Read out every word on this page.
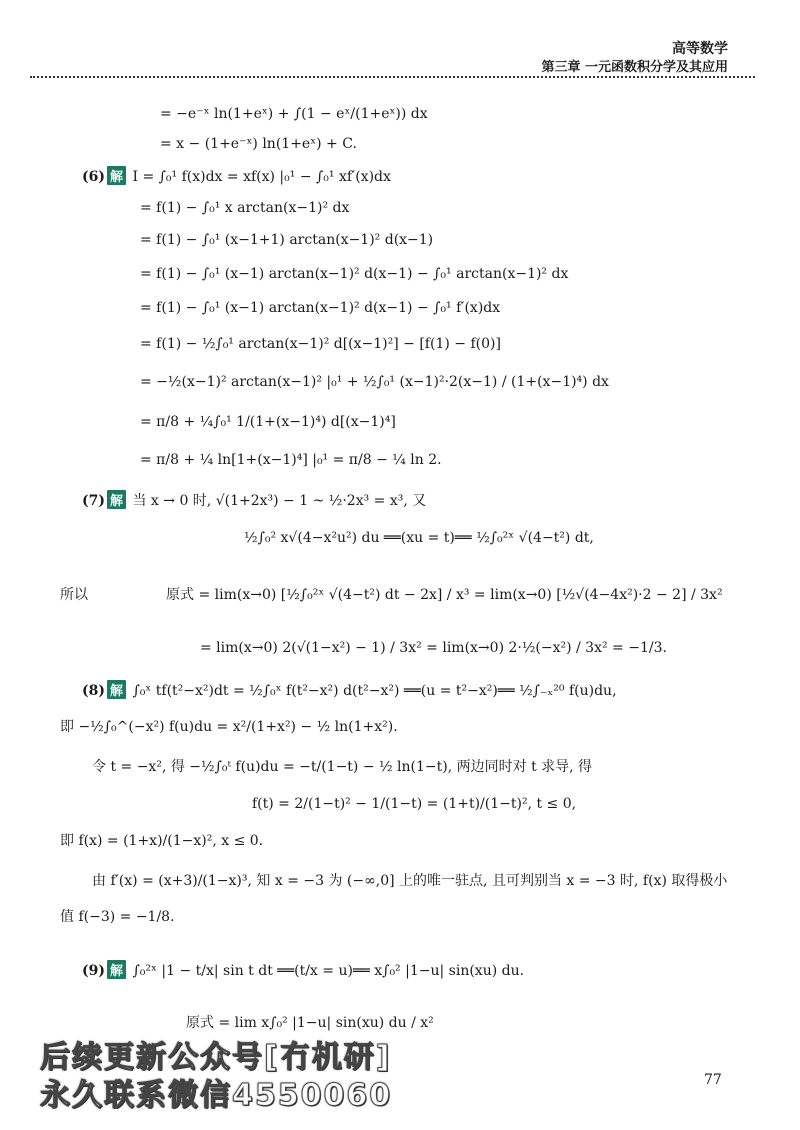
高等数学
第三章 一元函数积分学及其应用
= −e⁻ˣ ln(1+eˣ) + ∫(1 − eˣ/(1+eˣ)) dx
= x − (1+e⁻ˣ) ln(1+eˣ) + C.
(6) 解 I = ∫₀¹ f(x)dx = xf(x) |₀¹ − ∫₀¹ xf′(x)dx
= f(1) − ∫₀¹ x arctan(x−1)² dx
= f(1) − ∫₀¹ (x−1+1) arctan(x−1)² d(x−1)
= f(1) − ∫₀¹ (x−1) arctan(x−1)² d(x−1) − ∫₀¹ arctan(x−1)² dx
= f(1) − ∫₀¹ (x−1) arctan(x−1)² d(x−1) − ∫₀¹ f′(x)dx
= f(1) − ½∫₀¹ arctan(x−1)² d[(x−1)²] − [f(1) − f(0)]
= −½(x−1)² arctan(x−1)² |₀¹ + ½∫₀¹ (x−1)²·2(x−1) / (1+(x−1)⁴) dx
= π/8 + ¼∫₀¹ 1/(1+(x−1)⁴) d[(x−1)⁴]
= π/8 + ¼ ln[1+(x−1)⁴] |₀¹ = π/8 − ¼ ln 2.
(7) 解 当 x → 0 时, √(1+2x³) − 1 ~ ½·2x³ = x³, 又
½∫₀² x√(4−x²u²) du ══(xu = t)══ ½∫₀²ˣ √(4−t²) dt,
所以	原式 = lim(x→0) [½∫₀²ˣ √(4−t²) dt − 2x] / x³ = lim(x→0) [½√(4−4x²)·2 − 2] / 3x²
= lim(x→0) 2(√(1−x²) − 1) / 3x² = lim(x→0) 2·½(−x²) / 3x² = −1/3.
(8) 解 ∫₀ˣ tf(t²−x²)dt = ½∫₀ˣ f(t²−x²) d(t²−x²) ══(u = t²−x²)══ ½∫₋ₓ²⁰ f(u)du,
即 −½∫₀^(−x²) f(u)du = x²/(1+x²) − ½ ln(1+x²).
令 t = −x², 得 −½∫₀ᵗ f(u)du = −t/(1−t) − ½ ln(1−t), 两边同时对 t 求导, 得
f(t) = 2/(1−t)² − 1/(1−t) = (1+t)/(1−t)², t ≤ 0,
即 f(x) = (1+x)/(1−x)², x ≤ 0.
由 f′(x) = (x+3)/(1−x)³, 知 x = −3 为 (−∞,0] 上的唯一驻点, 且可判别当 x = −3 时, f(x) 取得极小
值 f(−3) = −1/8.
(9) 解 ∫₀²ˣ |1 − t/x| sin t dt ══(t/x = u)══ x∫₀² |1−u| sin(xu) du.
原式 = lim x∫₀² |1−u| sin(xu) du / x²
77
后续更新公众号[冇机研]
永久联系微信4550060
